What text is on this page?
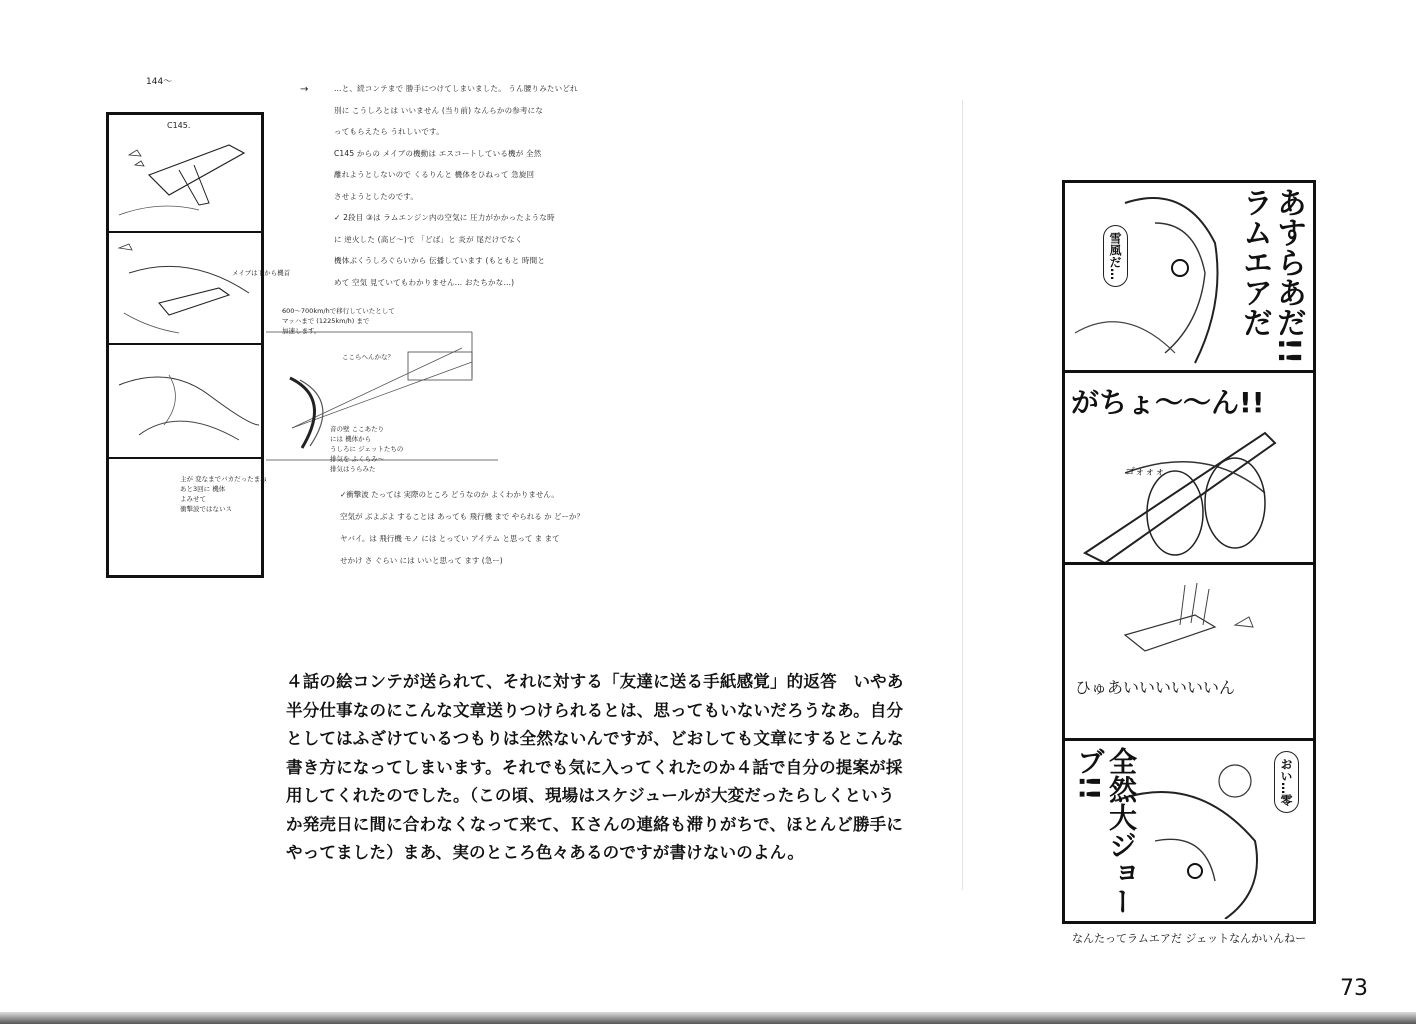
144〜
→	…と、続コンテまで 勝手につけてしまいました。 うん腰りみたいどれ
別に こうしろとは いいません (当り前) なんらかの参考にな
ってもらえたら うれしいです。
C145 からの メイブの機動は エスコートしている機が 全然
離れようとしないので くるりんと 機体をひねって 急旋回
させようとしたのです。
✓ 2段目 ③は ラムエンジン内の空気に 圧力がかかったような時
に 逆火した (高ビ〜)で 「どば」と 炎が 尾だけでなく
機体ぶくうしろぐらいから 伝播しています (もともと 時間と
めて 空気 見ていてもわかりません… おたちかな…)
C145.
600〜700km/hで移行していたとして
マッハまで (1225km/h) まで
加速します。
ここらへんかな？
メイブは下から機首
音の壁 ここあたり
には 機体から
うしろに ジェットたちの
排気を ふくらみ〜
排気はうらみた
主が 変なまでバカだったまね
あと3回に 機体
よみせて
衝撃波ではないス
✓衝撃波 たっては 実際のところ どうなのか よくわかりません。
空気が ぶよぶよ することは あっても 飛行機 まで やられる か どーか？
ヤバイ。は 飛行機 モノ には とってい アイテム と思って ま まて
せかけ さ ぐらい には いいと思って ます (急ー)
４話の絵コンテが送られて、それに対する「友達に送る手紙感覚」的返答　いやあ
半分仕事なのにこんな文章送りつけられるとは、思ってもいないだろうなあ。自分
としてはふざけているつもりは全然ないんですが、どおしても文章にするとこんな
書き方になってしまいます。それでも気に入ってくれたのか４話で自分の提案が採
用してくれたのでした。（この頃、現場はスケジュールが大変だったらしくという
か発売日に間に合わなくなって来て、Ｋさんの連絡も滞りがちで、ほとんど勝手に
やってました）まあ、実のところ色々あるのですが書けないのよん。
あすらあだ!!ラムエアだ
雪風だ…
がちょ〜〜ん!!
ゴォォォ
ひゅあいいいいいいん
全然大ジョーブ!!	おい…零
なんたってラムエアだ ジェットなんかいんねー
73
